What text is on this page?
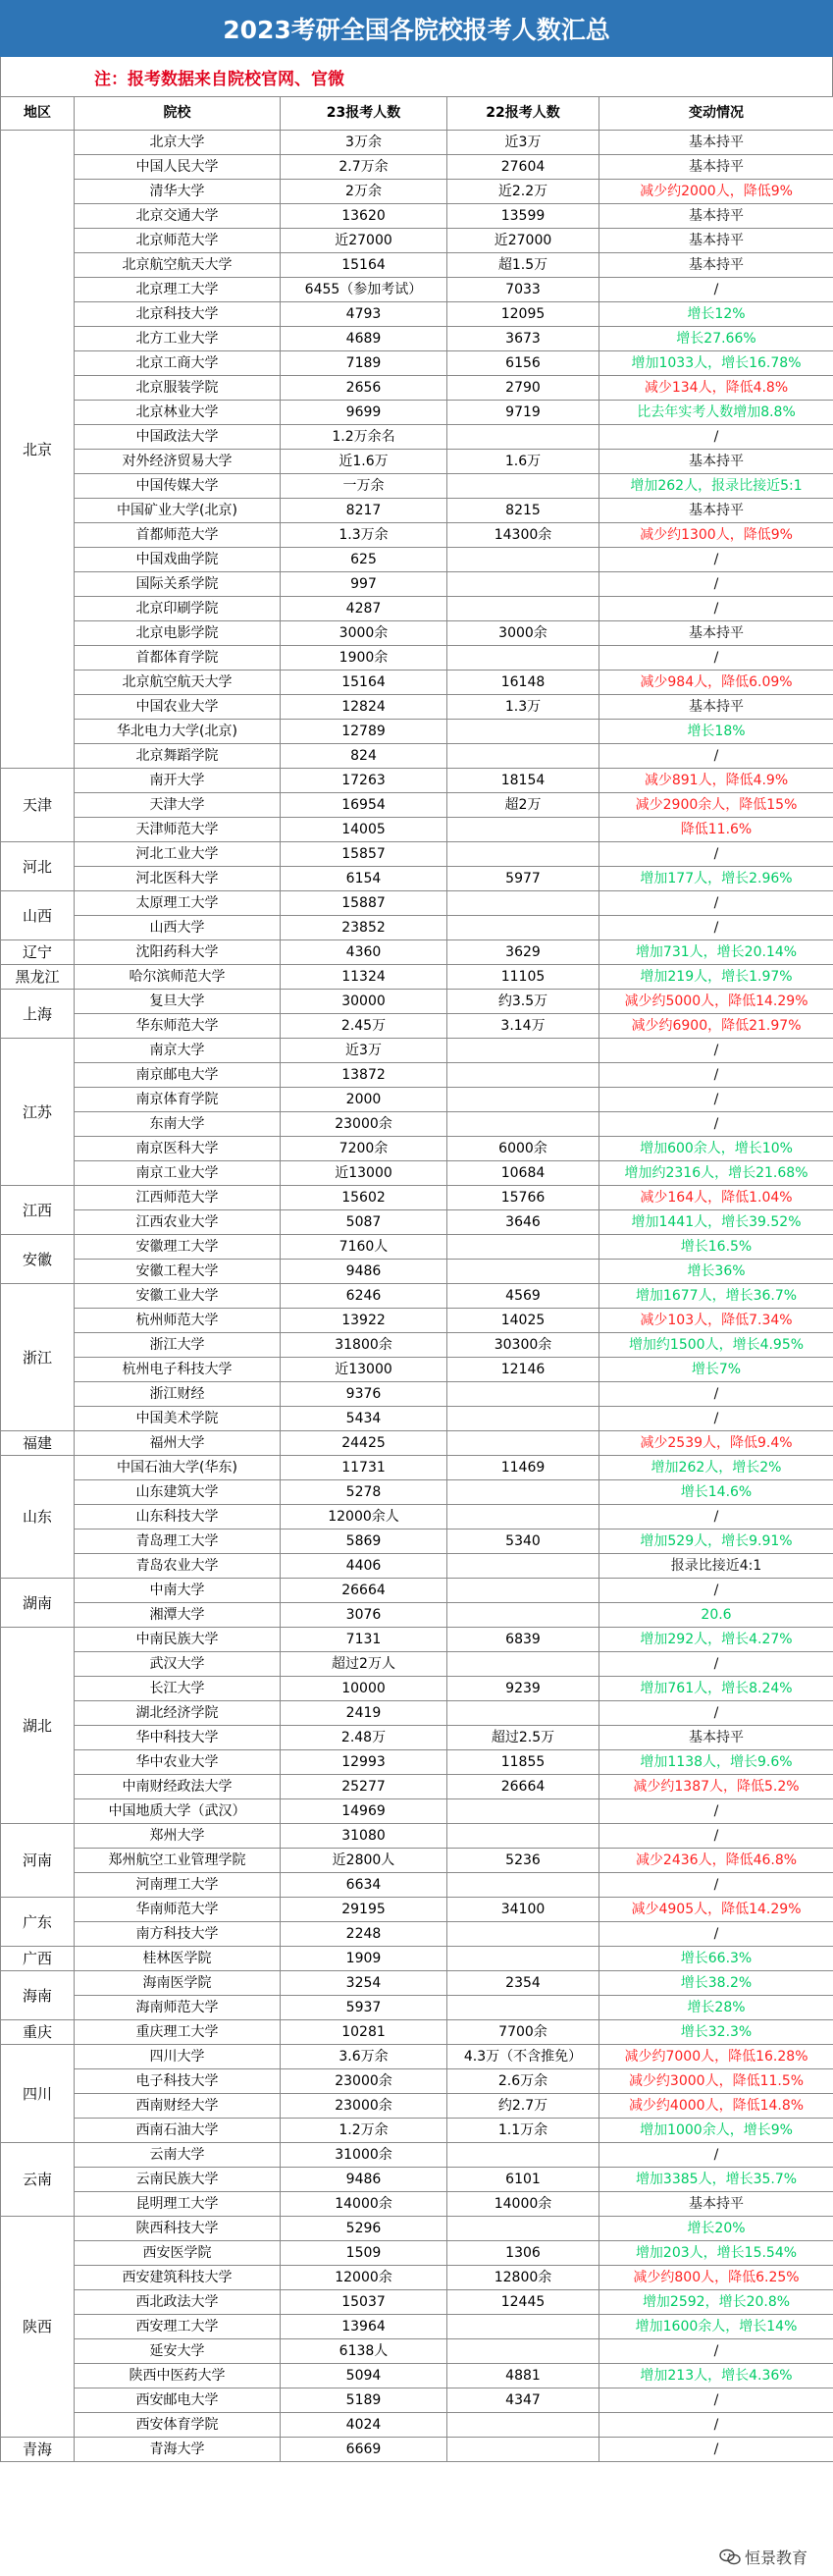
2023考研全国各院校报考人数汇总
注：报考数据来自院校官网、官微
地区	院校	23报考人数	22报考人数	变动情况
北京	北京大学	3万余	近3万	基本持平
	中国人民大学	2.7万余	27604	基本持平
	清华大学	2万余	近2.2万	减少约2000人，降低9%
	北京交通大学	13620	13599	基本持平
	北京师范大学	近27000	近27000	基本持平
	北京航空航天大学	15164	超1.5万	基本持平
	北京理工大学	6455（参加考试）	7033	/
	北京科技大学	4793	12095	增长12%
	北方工业大学	4689	3673	增长27.66%
	北京工商大学	7189	6156	增加1033人，增长16.78%
	北京服装学院	2656	2790	减少134人，降低4.8%
	北京林业大学	9699	9719	比去年实考人数增加8.8%
	中国政法大学	1.2万余名		/
	对外经济贸易大学	近1.6万	1.6万	基本持平
	中国传媒大学	一万余		增加262人，报录比接近5:1
	中国矿业大学(北京)	8217	8215	基本持平
	首都师范大学	1.3万余	14300余	减少约1300人，降低9%
	中国戏曲学院	625		/
	国际关系学院	997		/
	北京印刷学院	4287		/
	北京电影学院	3000余	3000余	基本持平
	首都体育学院	1900余		/
	北京航空航天大学	15164	16148	减少984人，降低6.09%
	中国农业大学	12824	1.3万	基本持平
	华北电力大学(北京)	12789		增长18%
	北京舞蹈学院	824		/
天津	南开大学	17263	18154	减少891人，降低4.9%
	天津大学	16954	超2万	减少2900余人，降低15%
	天津师范大学	14005		降低11.6%
河北	河北工业大学	15857		/
	河北医科大学	6154	5977	增加177人，增长2.96%
山西	太原理工大学	15887		/
	山西大学	23852		/
辽宁	沈阳药科大学	4360	3629	增加731人，增长20.14%
黑龙江	哈尔滨师范大学	11324	11105	增加219人，增长1.97%
上海	复旦大学	30000	约3.5万	减少约5000人，降低14.29%
	华东师范大学	2.45万	3.14万	减少约6900，降低21.97%
江苏	南京大学	近3万		/
	南京邮电大学	13872		/
	南京体育学院	2000		/
	东南大学	23000余		/
	南京医科大学	7200余	6000余	增加600余人，增长10%
	南京工业大学	近13000	10684	增加约2316人，增长21.68%
江西	江西师范大学	15602	15766	减少164人，降低1.04%
	江西农业大学	5087	3646	增加1441人，增长39.52%
安徽	安徽理工大学	7160人		增长16.5%
	安徽工程大学	9486		增长36%
浙江	安徽工业大学	6246	4569	增加1677人，增长36.7%
	杭州师范大学	13922	14025	减少103人，降低7.34%
	浙江大学	31800余	30300余	增加约1500人，增长4.95%
	杭州电子科技大学	近13000	12146	增长7%
	浙江财经	9376		/
	中国美术学院	5434		/
福建	福州大学	24425		减少2539人，降低9.4%
山东	中国石油大学(华东)	11731	11469	增加262人，增长2%
	山东建筑大学	5278		增长14.6%
	山东科技大学	12000余人		/
	青岛理工大学	5869	5340	增加529人，增长9.91%
	青岛农业大学	4406		报录比接近4:1
湖南	中南大学	26664		/
	湘潭大学	3076		20.6
湖北	中南民族大学	7131	6839	增加292人，增长4.27%
	武汉大学	超过2万人		/
	长江大学	10000	9239	增加761人，增长8.24%
	湖北经济学院	2419		/
	华中科技大学	2.48万	超过2.5万	基本持平
	华中农业大学	12993	11855	增加1138人，增长9.6%
	中南财经政法大学	25277	26664	减少约1387人，降低5.2%
	中国地质大学（武汉）	14969		/
河南	郑州大学	31080		/
	郑州航空工业管理学院	近2800人	5236	减少2436人，降低46.8%
	河南理工大学	6634		/
广东	华南师范大学	29195	34100	减少4905人，降低14.29%
	南方科技大学	2248		/
广西	桂林医学院	1909		增长66.3%
海南	海南医学院	3254	2354	增长38.2%
	海南师范大学	5937		增长28%
重庆	重庆理工大学	10281	7700余	增长32.3%
四川	四川大学	3.6万余	4.3万（不含推免）	减少约7000人，降低16.28%
	电子科技大学	23000余	2.6万余	减少约3000人，降低11.5%
	西南财经大学	23000余	约2.7万	减少约4000人，降低14.8%
	西南石油大学	1.2万余	1.1万余	增加1000余人，增长9%
云南	云南大学	31000余		/
	云南民族大学	9486	6101	增加3385人，增长35.7%
	昆明理工大学	14000余	14000余	基本持平
陕西	陕西科技大学	5296		增长20%
	西安医学院	1509	1306	增加203人，增长15.54%
	西安建筑科技大学	12000余	12800余	减少约800人，降低6.25%
	西北政法大学	15037	12445	增加2592，增长20.8%
	西安理工大学	13964		增加1600余人，增长14%
	延安大学	6138人		/
	陕西中医药大学	5094	4881	增加213人，增长4.36%
	西安邮电大学	5189	4347	/
	西安体育学院	4024		/
青海	青海大学	6669		/
恒景教育
